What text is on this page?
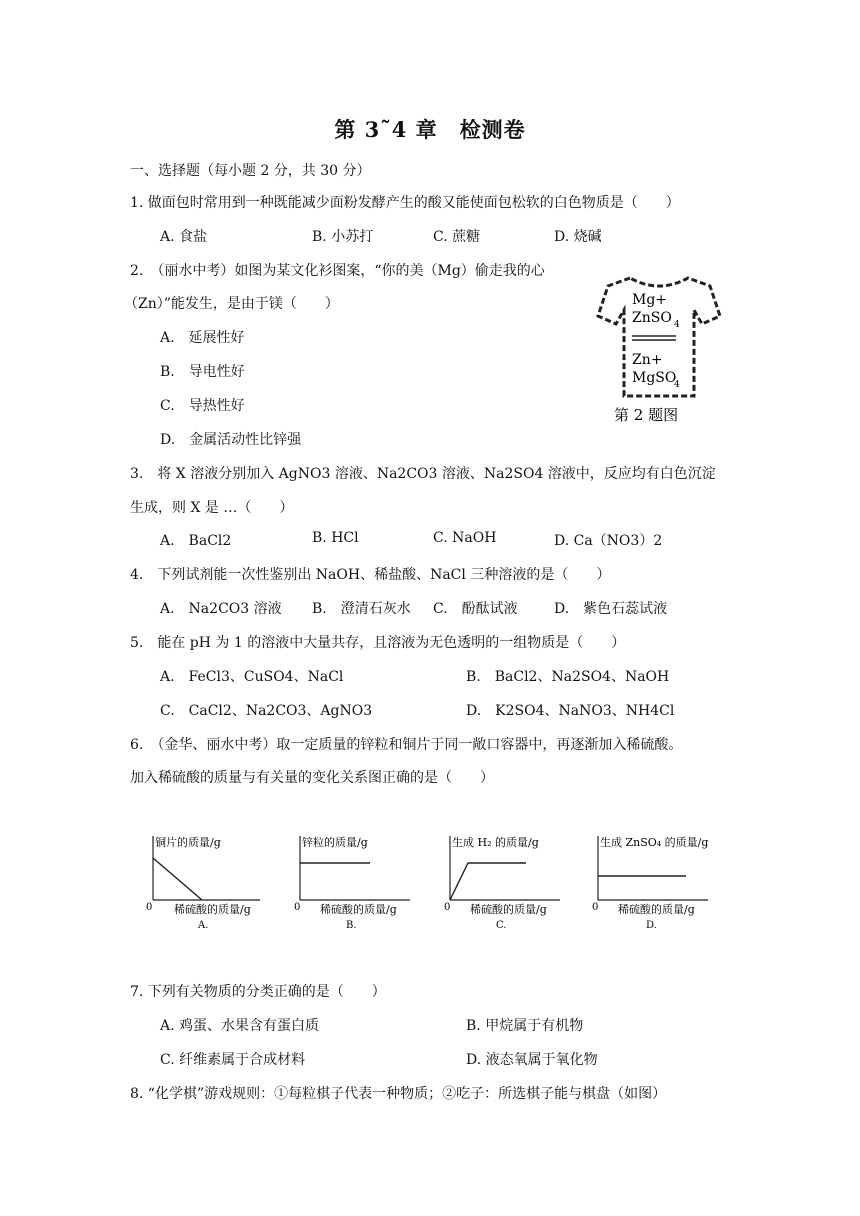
第 3˜4 章　检测卷
一、选择题（每小题 2 分，共 30 分）
1. 做面包时常用到一种既能减少面粉发酵产生的酸又能使面包松软的白色物质是（　　）
A. 食盐	B. 小苏打	C. 蔗糖	D. 烧碱
2.　（丽水中考）如图为某文化衫图案，“你的美（Mg）偷走我的心
（Zn）”能发生，是由于镁（　　）
A.　延展性好
B.　导电性好
C.　导热性好
D.　金属活动性比锌强
Mg+
ZnSO 4
Zn+
MgSO
4
第 2 题图
3.　将 X 溶液分别加入 AgNO3 溶液、Na2CO3 溶液、Na2SO4 溶液中，反应均有白色沉淀
生成，则 X 是 …（　　）
A.　BaCl2	B. HCl	C. NaOH	D. Ca（NO3）2
4.　下列试剂能一次性鉴别出 NaOH、稀盐酸、NaCl 三种溶液的是（　　）
A.　Na2CO3 溶液 B.　澄清石灰水 C.　酚酞试液	D.　紫色石蕊试液
5.　能在 pH 为 1 的溶液中大量共存，且溶液为无色透明的一组物质是（　　）
A.　FeCl3、CuSO4、NaCl	B.　BaCl2、Na2SO4、NaOH
C.　CaCl2、Na2CO3、AgNO3	D.　K2SO4、NaNO3、NH4Cl
6.　（金华、丽水中考）取一定质量的锌粒和铜片于同一敞口容器中，再逐渐加入稀硫酸。
加入稀硫酸的质量与有关量的变化关系图正确的是（　　）
铜片的质量/g
0 稀硫酸的质量/g
A.
锌粒的质量/g
0 稀硫酸的质量/g
B.
生成 H₂ 的质量/g
0 稀硫酸的质量/g
C.
生成 ZnSO₄ 的质量/g
0 稀硫酸的质量/g
D.
7. 下列有关物质的分类正确的是（　　）
A. 鸡蛋、水果含有蛋白质	B. 甲烷属于有机物
C. 纤维素属于合成材料	D. 液态氧属于氧化物
8. “化学棋”游戏规则：①每粒棋子代表一种物质；②吃子：所选棋子能与棋盘（如图）
